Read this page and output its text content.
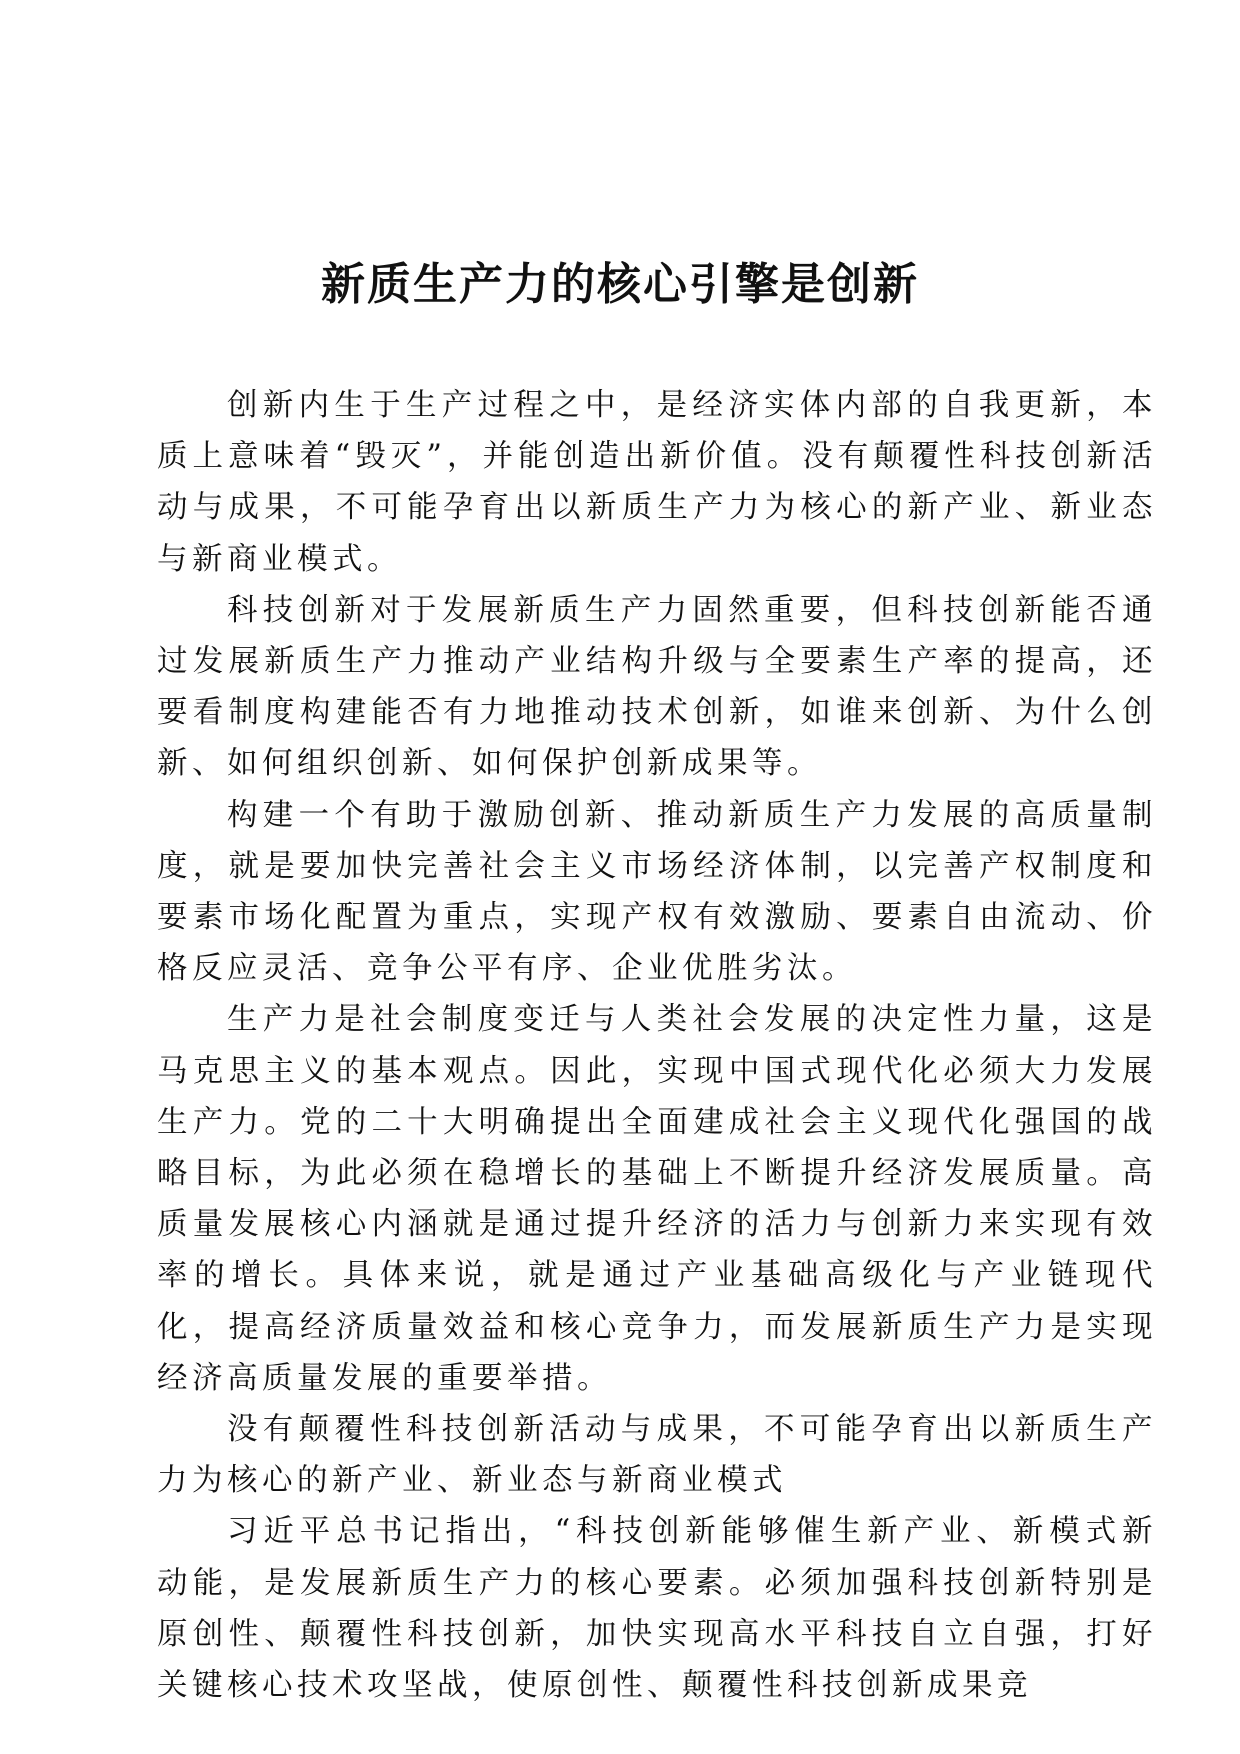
新质生产力的核心引擎是创新

创新内生于生产过程之中，是经济实体内部的自我更新，本质上意味着“毁灭”，并能创造出新价值。没有颠覆性科技创新活动与成果，不可能孕育出以新质生产力为核心的新产业、新业态与新商业模式。

科技创新对于发展新质生产力固然重要，但科技创新能否通过发展新质生产力推动产业结构升级与全要素生产率的提高，还要看制度构建能否有力地推动技术创新，如谁来创新、为什么创新、如何组织创新、如何保护创新成果等。

构建一个有助于激励创新、推动新质生产力发展的高质量制度，就是要加快完善社会主义市场经济体制，以完善产权制度和要素市场化配置为重点，实现产权有效激励、要素自由流动、价格反应灵活、竞争公平有序、企业优胜劣汰。

生产力是社会制度变迁与人类社会发展的决定性力量，这是马克思主义的基本观点。因此，实现中国式现代化必须大力发展生产力。党的二十大明确提出全面建成社会主义现代化强国的战略目标，为此必须在稳增长的基础上不断提升经济发展质量。高质量发展核心内涵就是通过提升经济的活力与创新力来实现有效率的增长。具体来说，就是通过产业基础高级化与产业链现代化，提高经济质量效益和核心竞争力，而发展新质生产力是实现经济高质量发展的重要举措。

没有颠覆性科技创新活动与成果，不可能孕育出以新质生产力为核心的新产业、新业态与新商业模式

习近平总书记指出，“科技创新能够催生新产业、新模式新动能，是发展新质生产力的核心要素。必须加强科技创新特别是原创性、颠覆性科技创新，加快实现高水平科技自立自强，打好关键核心技术攻坚战，使原创性、颠覆性科技创新成果竞
